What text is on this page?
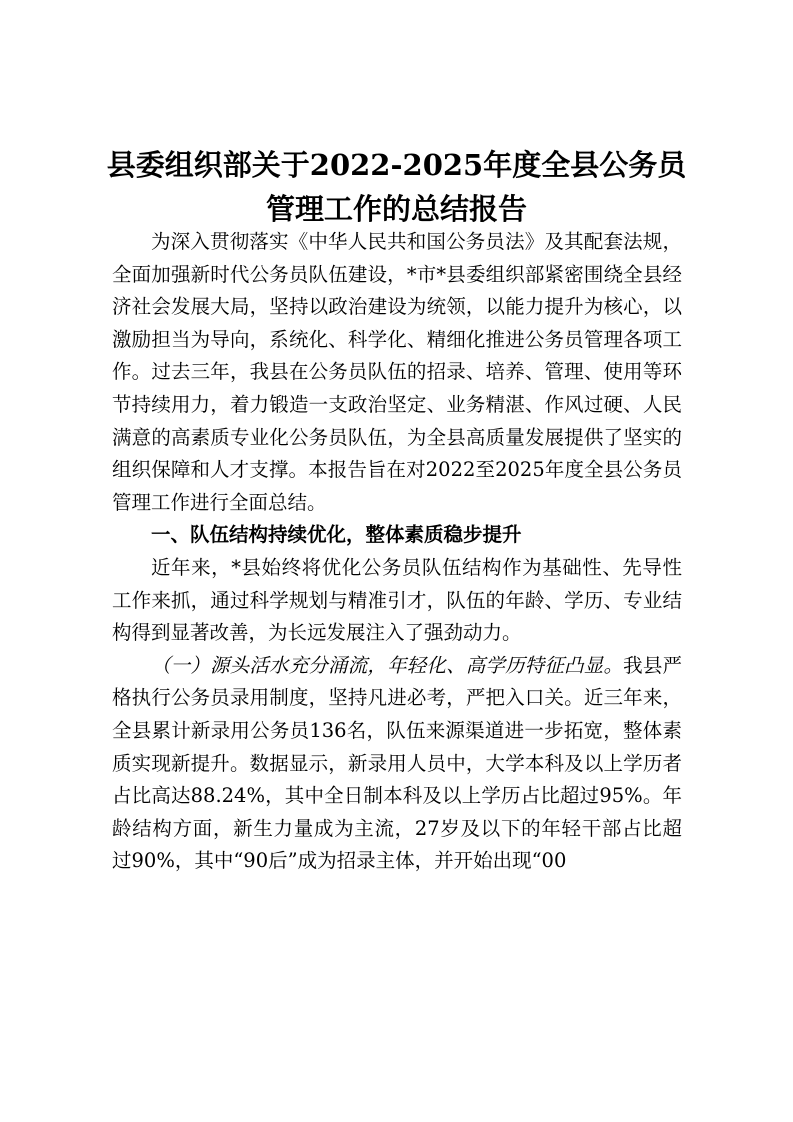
县委组织部关于2022-2025年度全县公务员管理工作的总结报告

为深入贯彻落实《中华人民共和国公务员法》及其配套法规，全面加强新时代公务员队伍建设，*市*县委组织部紧密围绕全县经济社会发展大局，坚持以政治建设为统领，以能力提升为核心，以激励担当为导向，系统化、科学化、精细化推进公务员管理各项工作。过去三年，我县在公务员队伍的招录、培养、管理、使用等环节持续用力，着力锻造一支政治坚定、业务精湛、作风过硬、人民满意的高素质专业化公务员队伍，为全县高质量发展提供了坚实的组织保障和人才支撑。本报告旨在对2022至2025年度全县公务员管理工作进行全面总结。

一、队伍结构持续优化，整体素质稳步提升

近年来，*县始终将优化公务员队伍结构作为基础性、先导性工作来抓，通过科学规划与精准引才，队伍的年龄、学历、专业结构得到显著改善，为长远发展注入了强劲动力。

（一）源头活水充分涌流，年轻化、高学历特征凸显。我县严格执行公务员录用制度，坚持凡进必考，严把入口关。近三年来，全县累计新录用公务员136名，队伍来源渠道进一步拓宽，整体素质实现新提升。数据显示，新录用人员中，大学本科及以上学历者占比高达88.24%，其中全日制本科及以上学历占比超过95%。年龄结构方面，新生力量成为主流，27岁及以下的年轻干部占比超过90%，其中“90后”成为招录主体，并开始出现“00
